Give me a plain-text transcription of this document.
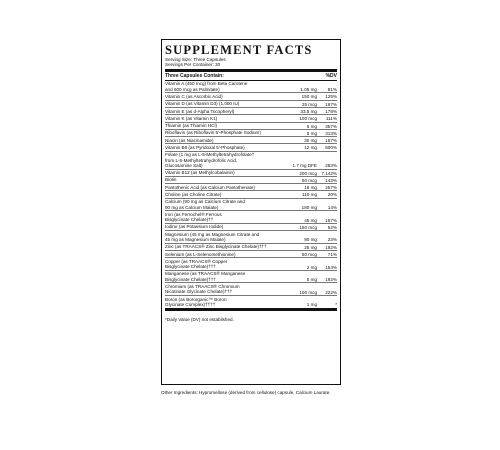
SUPPLEMENT FACTS
Serving Size: Three Capsules
Servings Per Container: 30
Three Capsules Contain:	%DV
Vitamin A (450 mcg) from Beta Carotene
and 600 mcg as Palmitate)	1.05 mg	81%
Vitamin C (as Ascorbic Acid)	150 mg	125%
Vitamin D (as Vitamin D3) (1,000 IU)	25 mcg	167%
Vitamin E (as d-Alpha Tocopheryl)	33.5 mg	178%
Vitamin K (as Vitamin K1)	100 mcg	111%
Thiamin (as Thiamin HCl)	5 mg	357%
Riboflavin (as Riboflavin 5'-Phosphate Sodium)	5 mg	313%
Niacin (as Niacinamide)	30 mg	167%
Vitamin B6 (as Pyridoxal 5'-Phosphate)	12 mg	600%
Folate (1 mg as L-5-Methyltetrahydrofolate†
from L-5-Methyltetrahydrofolic Acid,
Glucosamine Salt)	1.7 mg DFE	283%
Vitamin B12 (as Methylcobalamin)	200 mcg 7,142%
Biotin	50 mcg	143%
Pantothenic Acid (as Calcium Pantothenate)	18 mg	257%
Choline (as Choline Citrate)	110 mg	20%
Calcium (90 mg as Calcium Citrate and
90 mg as Calcium Malate)	180 mg	14%
Iron (as Ferrochel® Ferrous
Bisglycinate Chelate)††	45 mg	167%
Iodine (as Potassium Iodide)	150 mcg	52%
Magnesium (45 mg as Magnesium Citrate and
45 mg as Magnesium Malate)	90 mg	23%
Zinc (as TRAACS® Zinc Bisglycinate Chelate)†††	25 mg	192%
Selenium (as L-Selenomethionine)	50 mcg	71%
Copper (as TRAACS® Copper
Bisglycinate Chelate)†††	2 mg	154%
Manganese (as TRAACS® Manganese
Bisglycinate Chelate)†††	5 mg	192%
Chromium (as TRAACS® Chromium
Nicotinate Glycinate Chelate)†††	100 mcg	222%
Boron (as Bororganic™ Boron
Glycinate Complex)††††	1 mg	*
*Daily Value (DV) not established.
Other Ingredients: Hypromellose (derived from cellulose) capsule, Calcium Laurate.
